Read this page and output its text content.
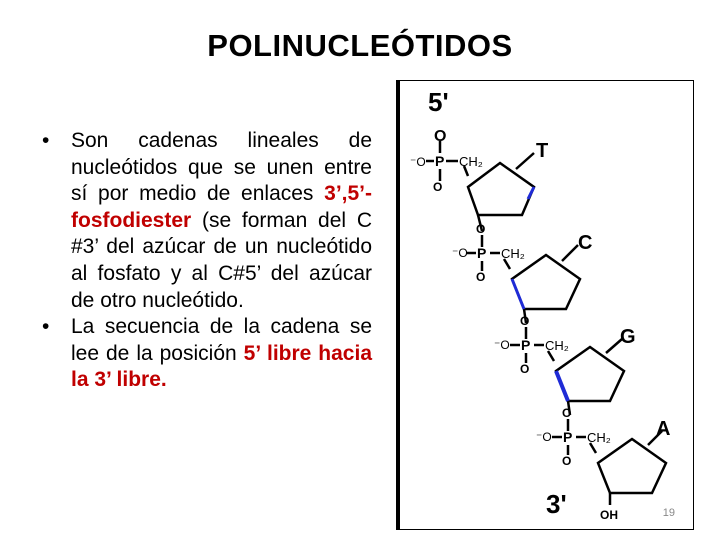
POLINUCLEÓTIDOS
• Son cadenas lineales de nucleótidos que se unen entre sí por medio de enlaces 3’,5’-fosfodiester (se forman del C #3’ del azúcar de un nucleótido al fosfato y al C#5’ del azúcar de otro nucleótido.
• La secuencia de la cadena se lee de la posición 5’ libre hacia la 3’ libre.
5'
O
⁻O P
O
CH₂	T
O
⁻O P
O
CH₂	C
O
⁻O P
O
CH₂	G
O
⁻O P
O
CH₂ A
3'	OH	19
